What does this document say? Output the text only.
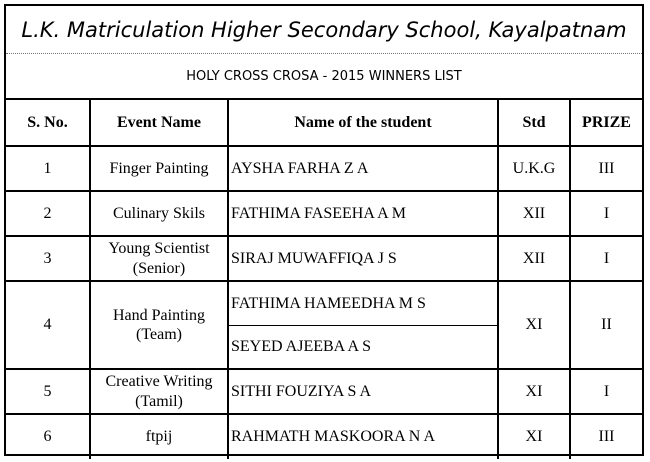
L.K. Matriculation Higher Secondary School, Kayalpatnam
HOLY CROSS CROSA - 2015 WINNERS LIST
S. No.	Event Name	Name of the student	Std	PRIZE
1	Finger Painting	AYSHA FARHA Z A	U.K.G	III
2	Culinary Skils	FATHIMA FASEEHA A M	XII	I
3	Young Scientist (Senior)	SIRAJ MUWAFFIQA J S	XII	I
4	Hand Painting (Team)	FATHIMA HAMEEDHA M S	XI	II
		SEYED AJEEBA A S		
5	Creative Writing (Tamil)	SITHI FOUZIYA S A	XI	I
6	ftpij	RAHMATH MASKOORA N A	XI	III
